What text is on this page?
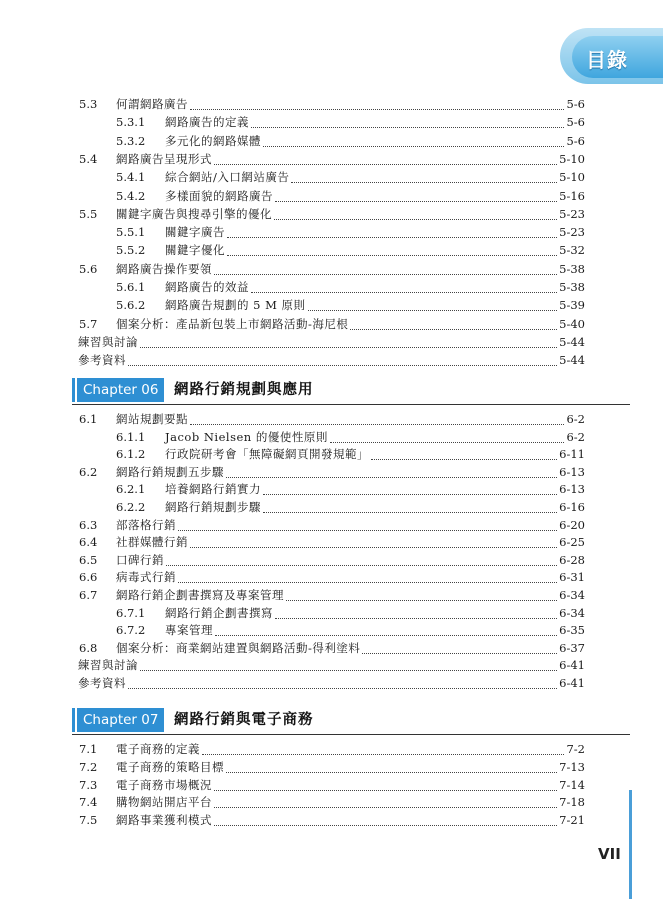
目錄
5.3	何謂網路廣告	5-6
5.3.1	網路廣告的定義	5-6
5.3.2	多元化的網路媒體	5-6
5.4	網路廣告呈現形式	5-10
5.4.1	綜合網站/入口網站廣告	5-10
5.4.2	多樣面貌的網路廣告	5-16
5.5	關鍵字廣告與搜尋引擎的優化	5-23
5.5.1	關鍵字廣告	5-23
5.5.2	關鍵字優化	5-32
5.6	網路廣告操作要領	5-38
5.6.1	網路廣告的效益	5-38
5.6.2	網路廣告規劃的 5 M 原則	5-39
5.7	個案分析：產品新包裝上市網路活動-海尼根	5-40
練習與討論	5-44
參考資料	5-44
6.1	網站規劃要點	6-2
6.1.1	Jacob Nielsen 的優使性原則	6-2
6.1.2	行政院研考會「無障礙網頁開發規範」	6-11
6.2	網路行銷規劃五步驟	6-13
6.2.1	培養網路行銷實力	6-13
6.2.2	網路行銷規劃步驟	6-16
6.3	部落格行銷	6-20
6.4	社群媒體行銷	6-25
6.5	口碑行銷	6-28
6.6	病毒式行銷	6-31
6.7	網路行銷企劃書撰寫及專案管理	6-34
6.7.1	網路行銷企劃書撰寫	6-34
6.7.2	專案管理	6-35
6.8	個案分析：商業網站建置與網路活動-得利塗料	6-37
練習與討論	6-41
參考資料	6-41
7.1	電子商務的定義	7-2
7.2	電子商務的策略目標	7-13
7.3	電子商務市場概況	7-14
7.4	購物網站開店平台	7-18
7.5	網路事業獲利模式	7-21
Chapter 06	網路行銷規劃與應用
Chapter 07	網路行銷與電子商務
VII
